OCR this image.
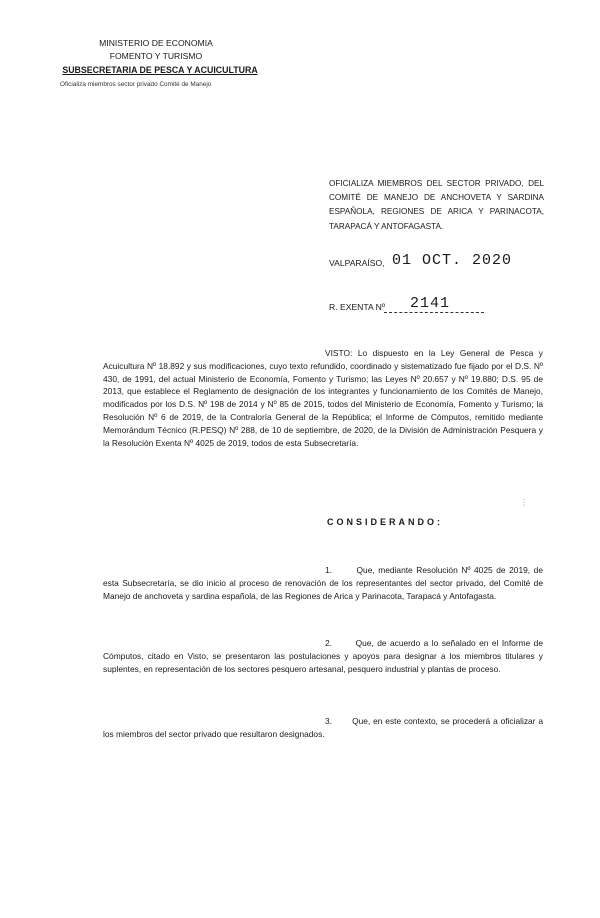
MINISTERIO DE ECONOMIA
FOMENTO Y TURISMO
SUBSECRETARIA DE PESCA Y ACUICULTURA
Oficializa miembros sector privado Comité de Manejo
OFICIALIZA MIEMBROS DEL SECTOR PRIVADO, DEL COMITÉ DE MANEJO DE ANCHOVETA Y SARDINA ESPAÑOLA, REGIONES DE ARICA Y PARINACOTA, TARAPACÁ Y ANTOFAGASTA.
VALPARAÍSO, 01 OCT. 2020
R. EXENTA Nº 2141
VISTO: Lo dispuesto en la Ley General de Pesca y Acuicultura Nº 18.892 y sus modificaciones, cuyo texto refundido, coordinado y sistematizado fue fijado por el D.S. Nº 430, de 1991, del actual Ministerio de Economía, Fomento y Turismo; las Leyes Nº 20.657 y Nº 19.880; D.S. 95 de 2013, que establece el Reglamento de designación de los integrantes y funcionamiento de los Comités de Manejo, modificados por los D.S. Nº 198 de 2014 y Nº 85 de 2015, todos del Ministerio de Economía, Fomento y Turismo; la Resolución Nº 6 de 2019, de la Contraloría General de la República; el Informe de Cómputos, remitido mediante Memorándum Técnico (R.PESQ) Nº 288, de 10 de septiembre, de 2020, de la División de Administración Pesquera y la Resolución Exenta Nº 4025 de 2019, todos de esta Subsecretaría.
⋮
CONSIDERANDO:
1.	Que, mediante Resolución Nº 4025 de 2019, de esta Subsecretaría, se dio inicio al proceso de renovación de los representantes del sector privado, del Comité de Manejo de anchoveta y sardina española, de las Regiones de Arica y Parinacota, Tarapacá y Antofagasta.
2.	Que, de acuerdo a lo señalado en el Informe de Cómputos, citado en Visto, se presentaron las postulaciones y apoyos para designar a los miembros titulares y suplentes, en representación de los sectores pesquero artesanal, pesquero industrial y plantas de proceso.
3. Que, en este contexto, se procederá a oficializar a los miembros del sector privado que resultaron designados.
